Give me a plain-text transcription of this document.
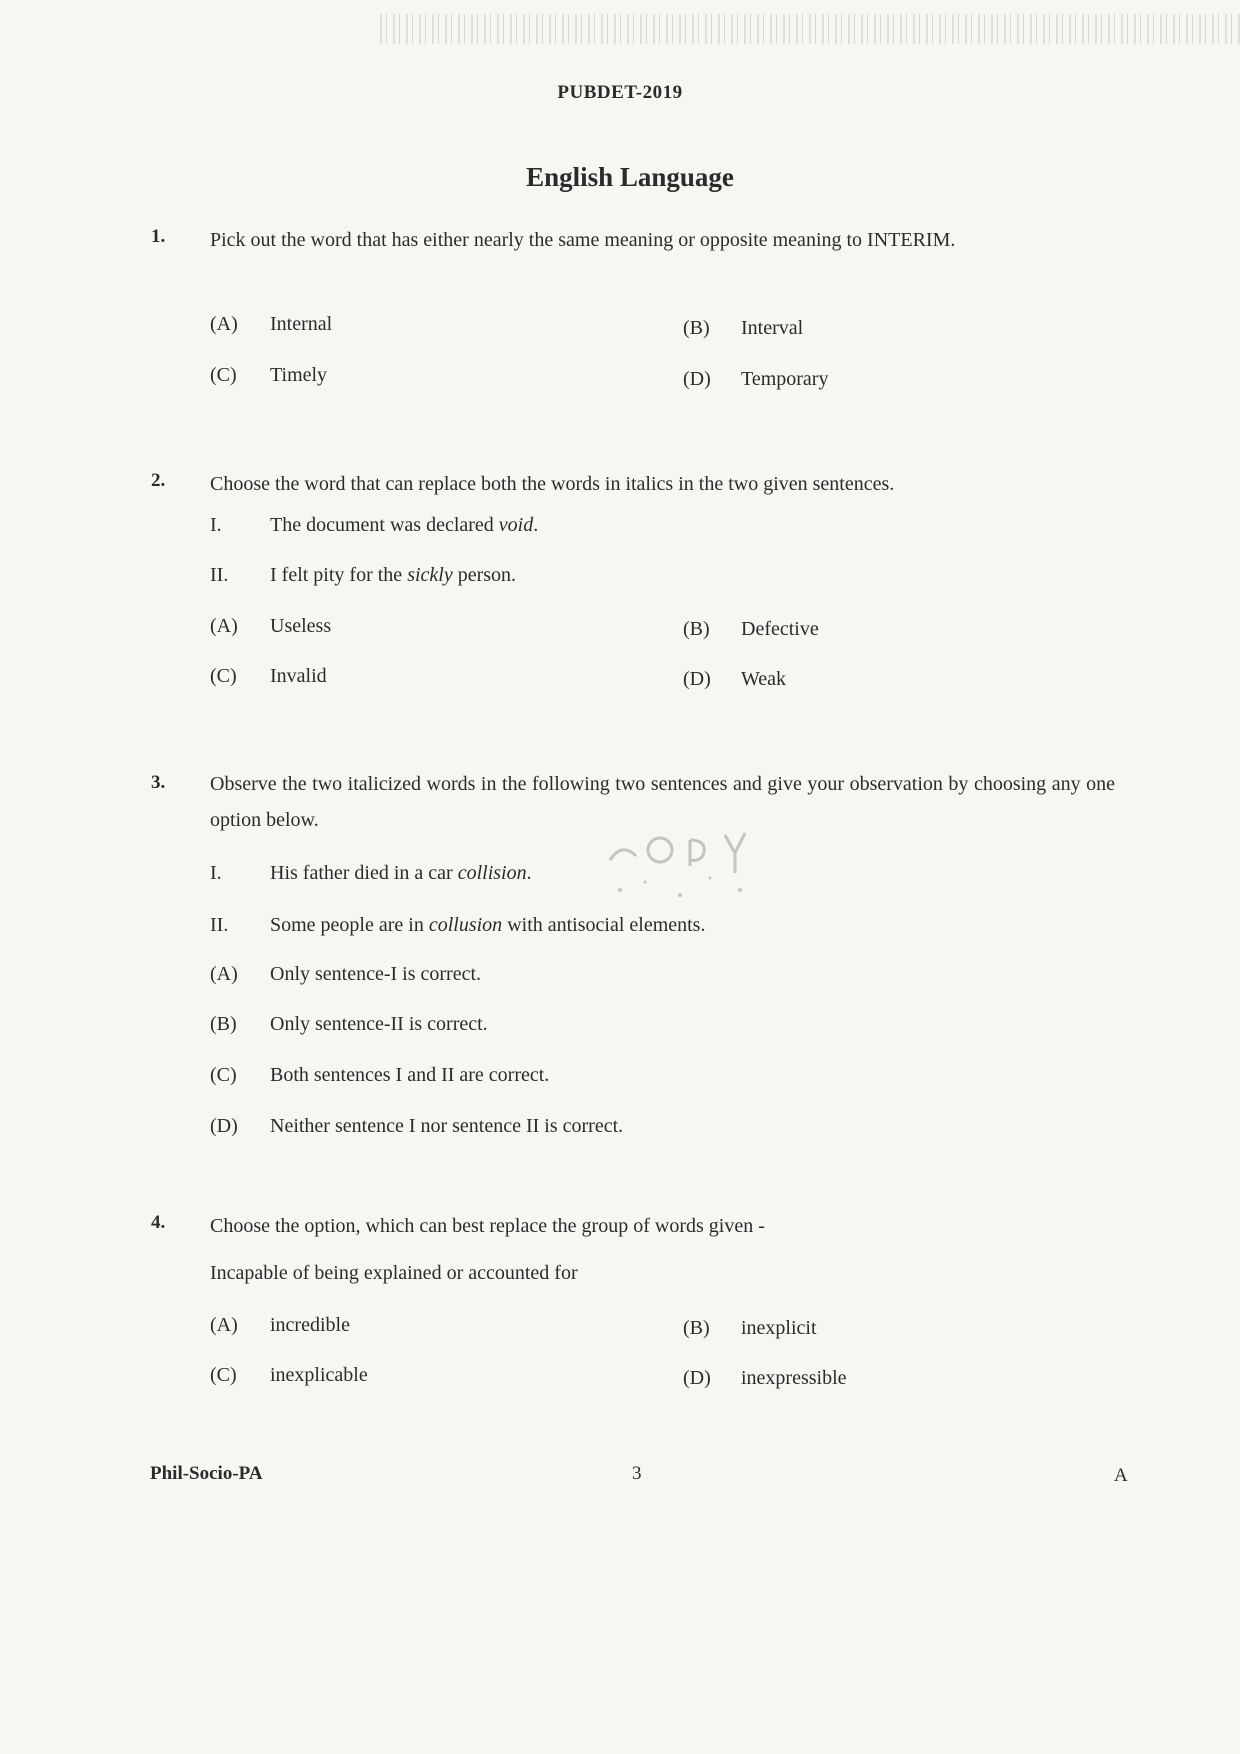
PUBDET-2019
English Language
1. Pick out the word that has either nearly the same meaning or opposite meaning to INTERIM.
(A) Internal	(B) Interval
(C) Timely	(D) Temporary
2. Choose the word that can replace both the words in italics in the two given sentences.
I. The document was declared void.
II. I felt pity for the sickly person.
(A) Useless	(B) Defective
(C) Invalid	(D) Weak
3. Observe the two italicized words in the following two sentences and give your observation by choosing any one option below.
I. His father died in a car collision.
II. Some people are in collusion with antisocial elements.
(A) Only sentence-I is correct.
(B) Only sentence-II is correct.
(C) Both sentences I and II are correct.
(D) Neither sentence I nor sentence II is correct.
4. Choose the option, which can best replace the group of words given -
Incapable of being explained or accounted for
(A) incredible	(B) inexplicit
(C) inexplicable	(D) inexpressible
Phil-Socio-PA	3	A
